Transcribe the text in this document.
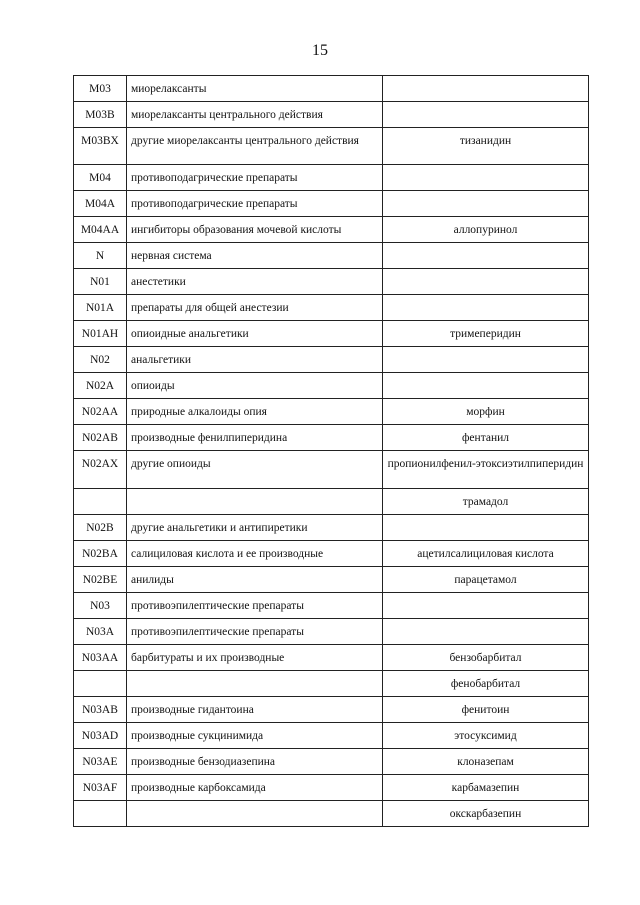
15
M03	миорелаксанты	
M03B	миорелаксанты центрального действия	
M03BX	другие миорелаксанты центрального действия	тизанидин
M04	противоподагрические препараты	
M04A	противоподагрические препараты	
M04AA	ингибиторы образования мочевой кислоты	аллопуринол
N	нервная система	
N01	анестетики	
N01A	препараты для общей анестезии	
N01AH	опиоидные анальгетики	тримеперидин
N02	анальгетики	
N02A	опиоиды	
N02AA	природные алкалоиды опия	морфин
N02AB	производные фенилпиперидина	фентанил
N02AX	другие опиоиды	пропионилфенил-этоксиэтилпиперидин
		трамадол
N02B	другие анальгетики и антипиретики	
N02BA	салициловая кислота и ее производные	ацетилсалициловая кислота
N02BE	анилиды	парацетамол
N03	противоэпилептические препараты	
N03A	противоэпилептические препараты	
N03AA	барбитураты и их производные	бензобарбитал
		фенобарбитал
N03AB	производные гидантоина	фенитоин
N03AD	производные сукцинимида	этосуксимид
N03AE	производные бензодиазепина	клоназепам
N03AF	производные карбоксамида	карбамазепин
		окскарбазепин
